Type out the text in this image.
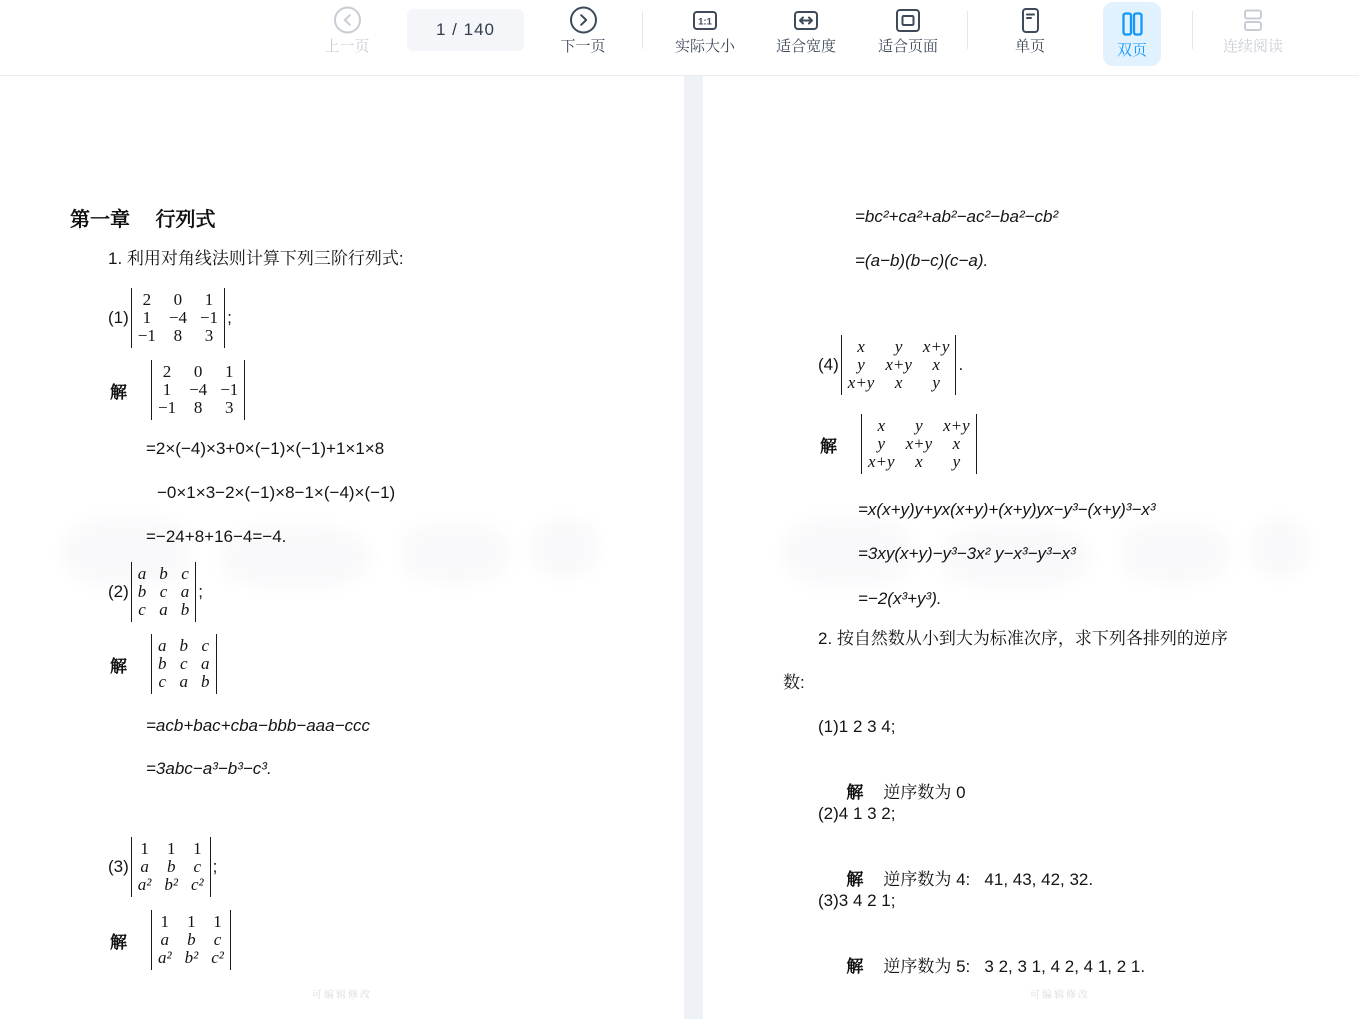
上一页
1 / 140
下一页
1:1
实际大小	适合宽度	适合页面	单页	双页	连续阅读
第一章　 行列式
1. 利用对角线法则计算下列三阶行列式:
(1)
2 0 1
1 −4 −1
−1 8 3
;
解
2 0 1
1 −4 −1
−1 8 3
=2×(−4)×3+0×(−1)×(−1)+1×1×8
−0×1×3−2×(−1)×8−1×(−4)×(−1)
=−24+8+16−4=−4.
(2)
a b c
b c a
c a b
;
解
a b c
b c a
c a b
=acb+bac+cba−bbb−aaa−ccc
=3abc−a³−b³−c³.
(3)
1 1 1
a b c
a² b² c²
;
解
1 1 1
a b c
a² b² c²
可编辑修改
=bc²+ca²+ab²−ac²−ba²−cb²
=(a−b)(b−c)(c−a).
(4)
x	y	x+y
y	x+y	x
x+y	x	y
.
解
x	y	x+y
y	x+y	x
x+y	x	y
=x(x+y)y+yx(x+y)+(x+y)yx−y³−(x+y)³−x³
=3xy(x+y)−y³−3x² y−x³−y³−x³
=−2(x³+y³).
2. 按自然数从小到大为标准次序，求下列各排列的逆序
数:
(1)1 2 3 4;

解 逆序数为 0

(2)4 1 3 2;

解 逆序数为 4:   41, 43, 42, 32.

(3)3 4 2 1;

解 逆序数为 5:   3 2, 3 1, 4 2, 4 1, 2 1.

可编辑修改
